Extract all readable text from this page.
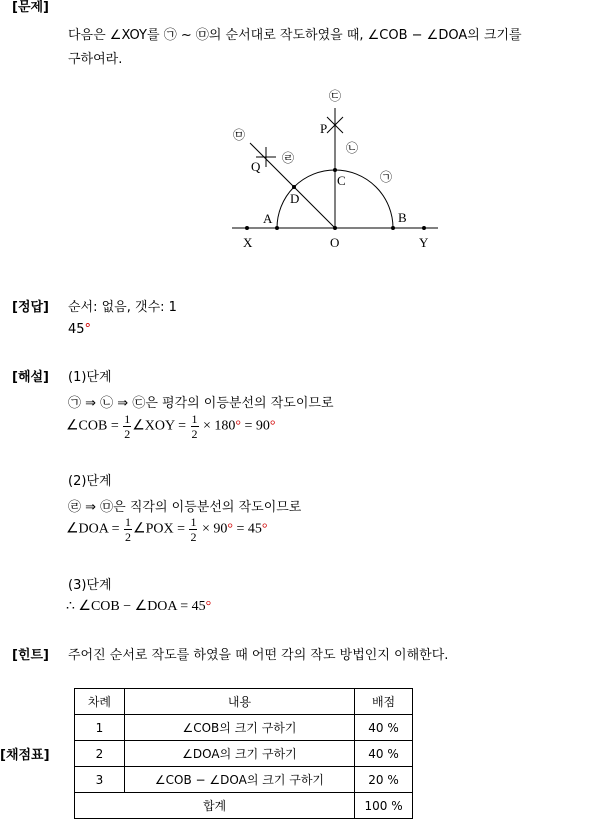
[문제]
다음은 ∠XOY를 ㉠ ~ ㉤의 순서대로 작도하였을 때, ∠COB − ∠DOA의 크기를
구하여라.
X	O	Y
A	B
C
D
P
Q
㉠
㉡
㉢
㉣
㉤
[정답] 순서: 없음, 갯수: 1
45°
[해설] (1)단계
㉠ ⇒ ㉡ ⇒ ㉢은 평각의 이등분선의 작도이므로
∠COB = $\frac{1}{2}$ ∠XOY = $\frac{1}{2} \times 180^\circ = 90^\circ$
(2)단계
㉣ ⇒ ㉤은 직각의 이등분선의 작도이므로
∠DOA = $\frac{1}{2}$ ∠POX = $\frac{1}{2} \times 90^\circ = 45^\circ$
(3)단계
∴ ∠COB − ∠DOA = 45°
[힌트] 주어진 순서로 작도를 하였을 때 어떤 각의 작도 방법인지 이해한다.
[채점표]
차례	내용	배점
1	∠COB의 크기 구하기	40 %
2	∠DOA의 크기 구하기	40 %
3	∠COB − ∠DOA의 크기 구하기	20 %
합계		100 %
